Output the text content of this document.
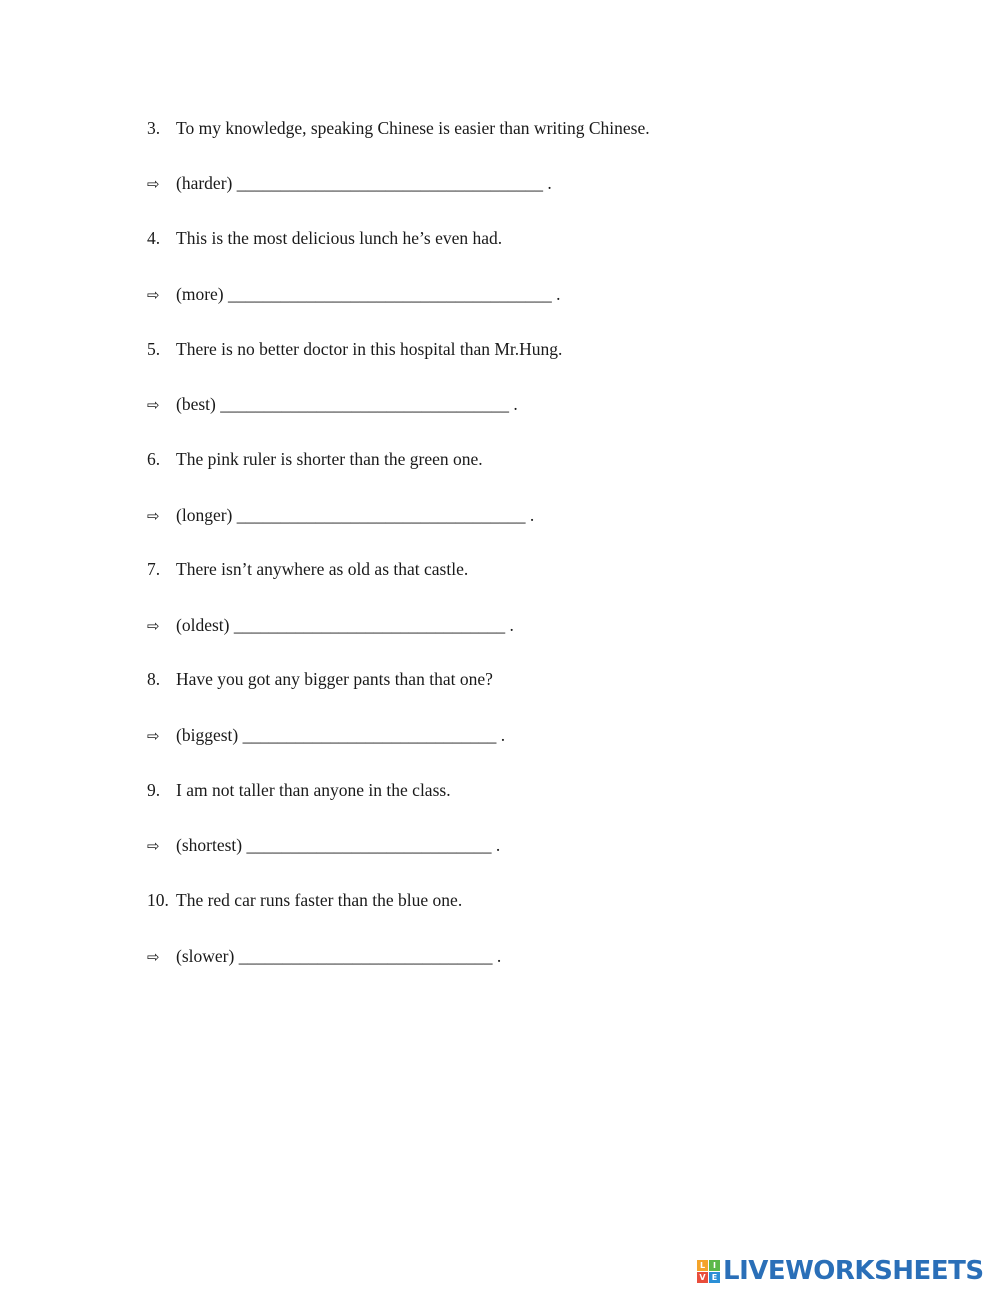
3. To my knowledge, speaking Chinese is easier than writing Chinese.
⇨ (harder) ___________________________________ .
4. This is the most delicious lunch he’s even had.
⇨ (more) _____________________________________ .
5. There is no better doctor in this hospital than Mr.Hung.
⇨ (best) _________________________________ .
6. The pink ruler is shorter than the green one.
⇨ (longer) _________________________________ .
7. There isn’t anywhere as old as that castle.
⇨ (oldest) _______________________________ .
8. Have you got any bigger pants than that one?
⇨ (biggest) _____________________________ .
9. I am not taller than anyone in the class.
⇨ (shortest) ____________________________ .
10. The red car runs faster than the blue one.
⇨ (slower) _____________________________ .
L I
V E LIVEWORKSHEETS
